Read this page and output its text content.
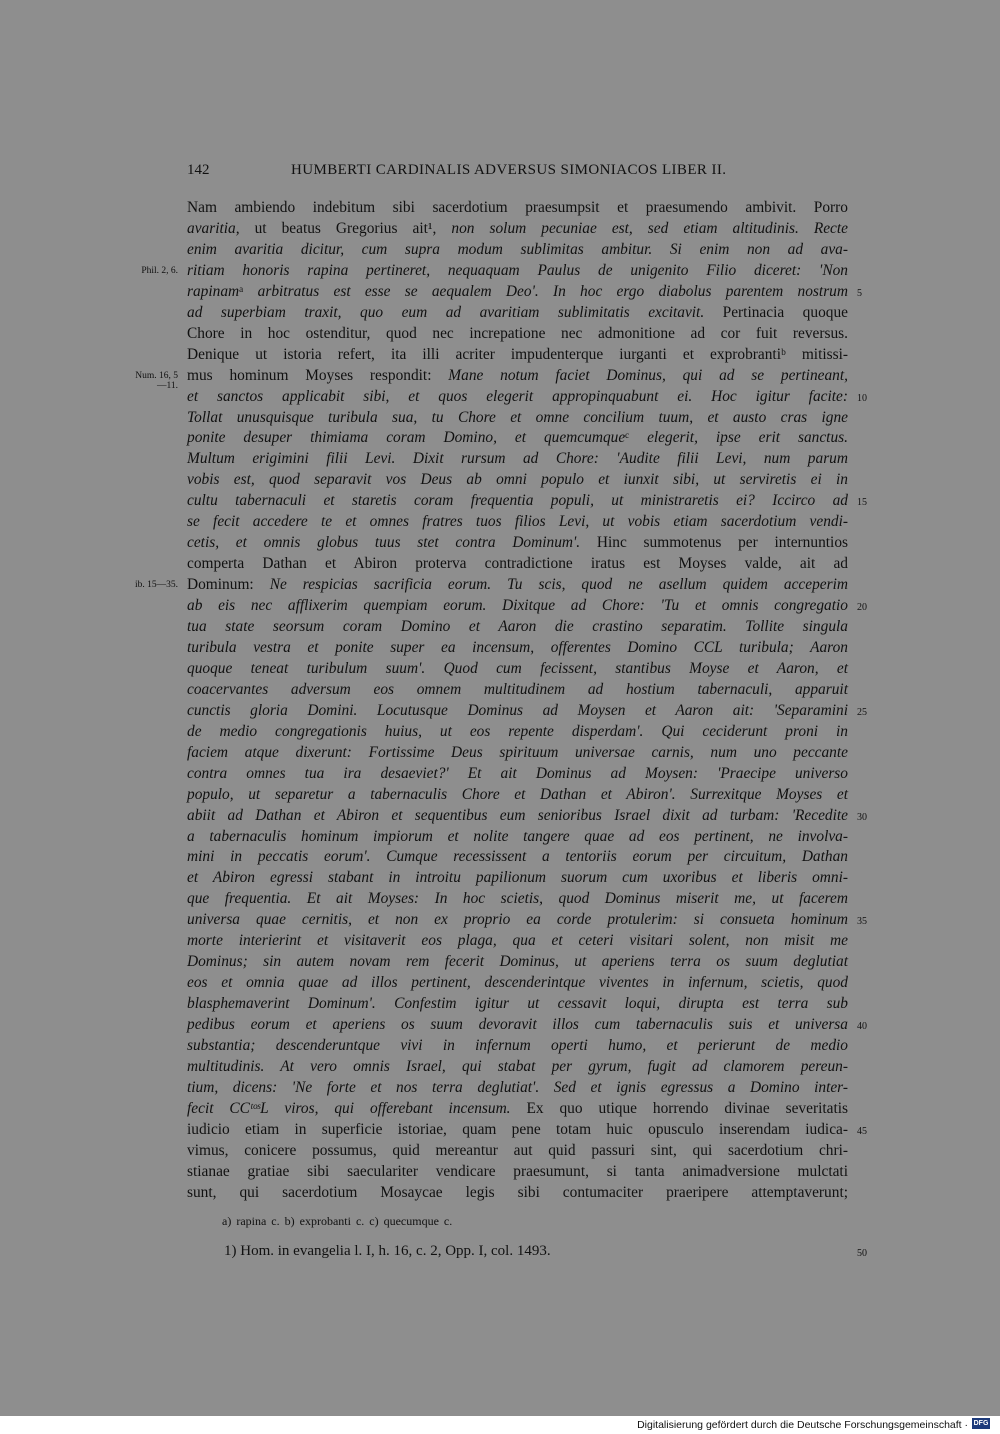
142	HUMBERTI CARDINALIS ADVERSUS SIMONIACOS LIBER II.
Nam ambiendo indebitum sibi sacerdotium praesumpsit et praesumendo ambivit. Porro
avaritia, ut beatus Gregorius ait¹, non solum pecuniae est, sed etiam altitudinis. Recte
enim avaritia dicitur, cum supra modum sublimitas ambitur. Si enim non ad ava-
ritiam honoris rapina pertineret, nequaquam Paulus de unigenito Filio diceret: 'Non
rapinamᵃ arbitratus est esse se aequalem Deo'. In hoc ergo diabolus parentem nostrum
ad superbiam traxit, quo eum ad avaritiam sublimitatis excitavit. Pertinacia quoque
Chore in hoc ostenditur, quod nec increpatione nec admonitione ad cor fuit reversus.
Denique ut istoria refert, ita illi acriter impudenterque iurganti et exprobrantiᵇ mitissi-
mus hominum Moyses respondit: Mane notum faciet Dominus, qui ad se pertineant,
et sanctos applicabit sibi, et quos elegerit appropinquabunt ei. Hoc igitur facite:
Tollat unusquisque turibula sua, tu Chore et omne concilium tuum, et austo cras igne
ponite desuper thimiama coram Domino, et quemcumqueᶜ elegerit, ipse erit sanctus.
Multum erigimini filii Levi. Dixit rursum ad Chore: 'Audite filii Levi, num parum
vobis est, quod separavit vos Deus ab omni populo et iunxit sibi, ut serviretis ei in
cultu tabernaculi et staretis coram frequentia populi, ut ministraretis ei? Iccirco ad
se fecit accedere te et omnes fratres tuos filios Levi, ut vobis etiam sacerdotium vendi-
cetis, et omnis globus tuus stet contra Dominum'. Hinc summotenus per internuntios
comperta Dathan et Abiron proterva contradictione iratus est Moyses valde, ait ad
Dominum: Ne respicias sacrificia eorum. Tu scis, quod ne asellum quidem acceperim
ab eis nec afflixerim quempiam eorum. Dixitque ad Chore: 'Tu et omnis congregatio
tua state seorsum coram Domino et Aaron die crastino separatim. Tollite singula
turibula vestra et ponite super ea incensum, offerentes Domino CCL turibula; Aaron
quoque teneat turibulum suum'. Quod cum fecissent, stantibus Moyse et Aaron, et
coacervantes adversum eos omnem multitudinem ad hostium tabernaculi, apparuit
cunctis gloria Domini. Locutusque Dominus ad Moysen et Aaron ait: 'Separamini
de medio congregationis huius, ut eos repente disperdam'. Qui ceciderunt proni in
faciem atque dixerunt: Fortissime Deus spirituum universae carnis, num uno peccante
contra omnes tua ira desaeviet?' Et ait Dominus ad Moysen: 'Praecipe universo
populo, ut separetur a tabernaculis Chore et Dathan et Abiron'. Surrexitque Moyses et
abiit ad Dathan et Abiron et sequentibus eum senioribus Israel dixit ad turbam: 'Recedite
a tabernaculis hominum impiorum et nolite tangere quae ad eos pertinent, ne involva-
mini in peccatis eorum'. Cumque recessissent a tentoriis eorum per circuitum, Dathan
et Abiron egressi stabant in introitu papilionum suorum cum uxoribus et liberis omni-
que frequentia. Et ait Moyses: In hoc scietis, quod Dominus miserit me, ut facerem
universa quae cernitis, et non ex proprio ea corde protulerim: si consueta hominum
morte interierint et visitaverit eos plaga, qua et ceteri visitari solent, non misit me
Dominus; sin autem novam rem fecerit Dominus, ut aperiens terra os suum deglutiat
eos et omnia quae ad illos pertinent, descenderintque viventes in infernum, scietis, quod
blasphemaverint Dominum'. Confestim igitur ut cessavit loqui, dirupta est terra sub
pedibus eorum et aperiens os suum devoravit illos cum tabernaculis suis et universa
substantia; descenderuntque vivi in infernum operti humo, et perierunt de medio
multitudinis. At vero omnis Israel, qui stabat per gyrum, fugit ad clamorem pereun-
tium, dicens: 'Ne forte et nos terra deglutiat'. Sed et ignis egressus a Domino inter-
fecit CCᵗᵒˢL viros, qui offerebant incensum. Ex quo utique horrendo divinae severitatis
iudicio etiam in superficie istoriae, quam pene totam huic opusculo inserendam iudica-
vimus, conicere possumus, quid mereantur aut quid passuri sint, qui sacerdotium chri-
stianae gratiae sibi saeculariter vendicare praesumunt, si tanta animadversione mulctati
sunt, qui sacerdotium Mosaycae legis sibi contumaciter praeripere attemptaverunt;
Phil. 2, 6.
Num. 16, 5
—11.
ib. 15—35.
5
10
15
20
25
30
35
40
45
a) rapina c. b) exprobanti c. c) quecumque c.
1) Hom. in evangelia l. I, h. 16, c. 2, Opp. I, col. 1493.	50
Digitalisierung gefördert durch die Deutsche Forschungsgemeinschaft · DFG
